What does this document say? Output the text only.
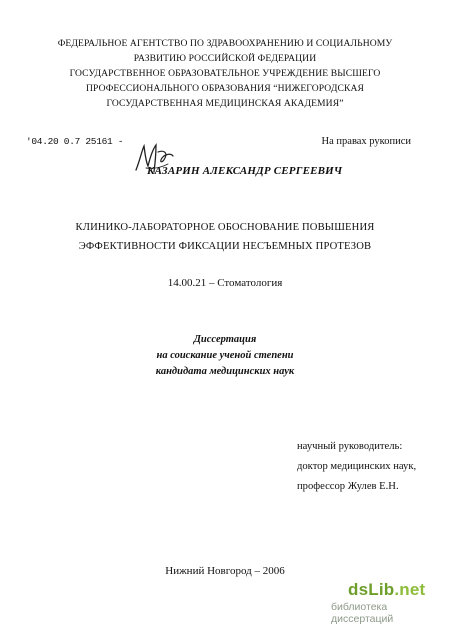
ФЕДЕРАЛЬНОЕ АГЕНТСТВО ПО ЗДРАВООХРАНЕНИЮ И СОЦИАЛЬНОМУ
РАЗВИТИЮ РОССИЙСКОЙ ФЕДЕРАЦИИ
ГОСУДАРСТВЕННОЕ ОБРАЗОВАТЕЛЬНОЕ УЧРЕЖДЕНИЕ ВЫСШЕГО
ПРОФЕССИОНАЛЬНОГО ОБРАЗОВАНИЯ “НИЖЕГОРОДСКАЯ
ГОСУДАРСТВЕННАЯ МЕДИЦИНСКАЯ АКАДЕМИЯ”
'04.20 0.7 25161 -	На правах рукописи
КАЗАРИН АЛЕКСАНДР СЕРГЕЕВИЧ
КЛИНИКО-ЛАБОРАТОРНОЕ ОБОСНОВАНИЕ ПОВЫШЕНИЯ
ЭФФЕКТИВНОСТИ ФИКСАЦИИ НЕСЪЕМНЫХ ПРОТЕЗОВ
14.00.21 – Стоматология
Диссертация
на соискание ученой степени
кандидата медицинских наук
научный руководитель:
доктор медицинских наук,
профессор Жулев Е.Н.
Нижний Новгород – 2006
dsLib.net
библиотека диссертаций
